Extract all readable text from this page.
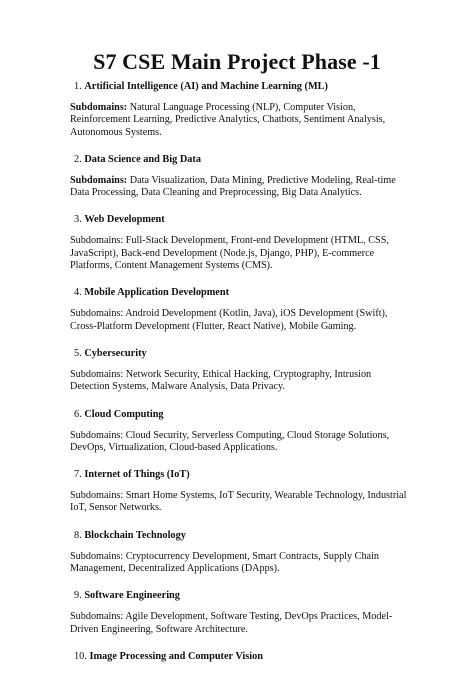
S7 CSE Main Project Phase -1

1. Artificial Intelligence (AI) and Machine Learning (ML)

Subdomains: Natural Language Processing (NLP), Computer Vision, Reinforcement Learning, Predictive Analytics, Chatbots, Sentiment Analysis, Autonomous Systems.

2. Data Science and Big Data

Subdomains: Data Visualization, Data Mining, Predictive Modeling, Real-time Data Processing, Data Cleaning and Preprocessing, Big Data Analytics.

3. Web Development

Subdomains: Full-Stack Development, Front-end Development (HTML, CSS, JavaScript), Back-end Development (Node.js, Django, PHP), E-commerce Platforms, Content Management Systems (CMS).

4. Mobile Application Development

Subdomains: Android Development (Kotlin, Java), iOS Development (Swift), Cross-Platform Development (Flutter, React Native), Mobile Gaming.

5. Cybersecurity

Subdomains: Network Security, Ethical Hacking, Cryptography, Intrusion Detection Systems, Malware Analysis, Data Privacy.

6. Cloud Computing

Subdomains: Cloud Security, Serverless Computing, Cloud Storage Solutions, DevOps, Virtualization, Cloud-based Applications.

7. Internet of Things (IoT)

Subdomains: Smart Home Systems, IoT Security, Wearable Technology, Industrial IoT, Sensor Networks.

8. Blockchain Technology

Subdomains: Cryptocurrency Development, Smart Contracts, Supply Chain Management, Decentralized Applications (DApps).

9. Software Engineering

Subdomains: Agile Development, Software Testing, DevOps Practices, Model-Driven Engineering, Software Architecture.

10. Image Processing and Computer Vision
